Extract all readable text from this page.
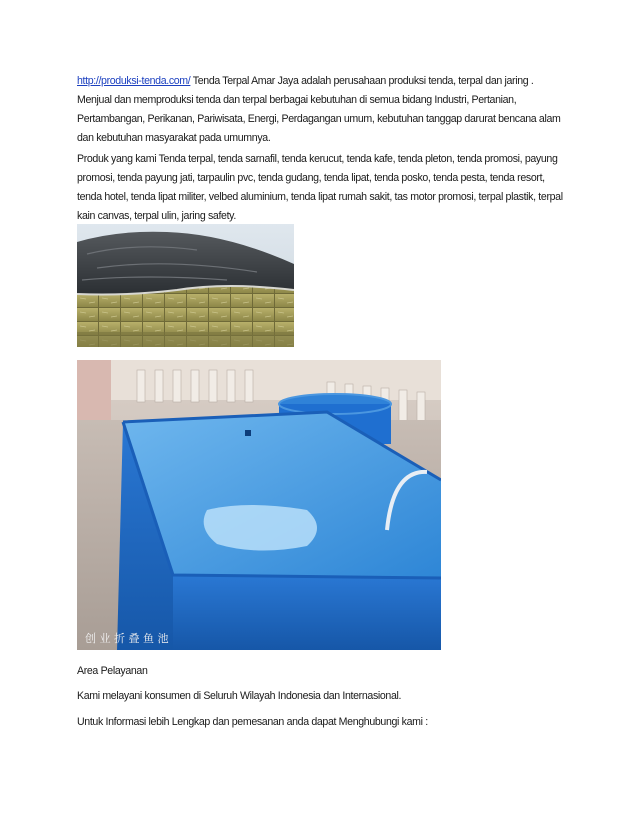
http://produksi-tenda.com/ Tenda Terpal Amar Jaya adalah perusahaan produksi tenda, terpal dan jaring . Menjual dan memproduksi tenda dan terpal berbagai kebutuhan di semua bidang Industri, Pertanian, Pertambangan, Perikanan, Pariwisata, Energi, Perdagangan umum, kebutuhan tanggap darurat bencana alam dan kebutuhan masyarakat pada umumnya.

Produk yang kami Tenda terpal, tenda sarnafil, tenda kerucut, tenda kafe, tenda pleton, tenda promosi, payung promosi, tenda payung jati, tarpaulin pvc, tenda gudang, tenda lipat, tenda posko, tenda pesta, tenda resort, tenda hotel, tenda lipat militer, velbed aluminium, tenda lipat rumah sakit, tas motor promosi, terpal plastik, terpal kain canvas, terpal ulin, jaring safety.

创 业 折 叠 鱼 池

Area Pelayanan

Kami melayani konsumen di Seluruh Wilayah Indonesia dan Internasional.

Untuk Informasi lebih Lengkap dan pemesanan anda dapat Menghubungi kami :
